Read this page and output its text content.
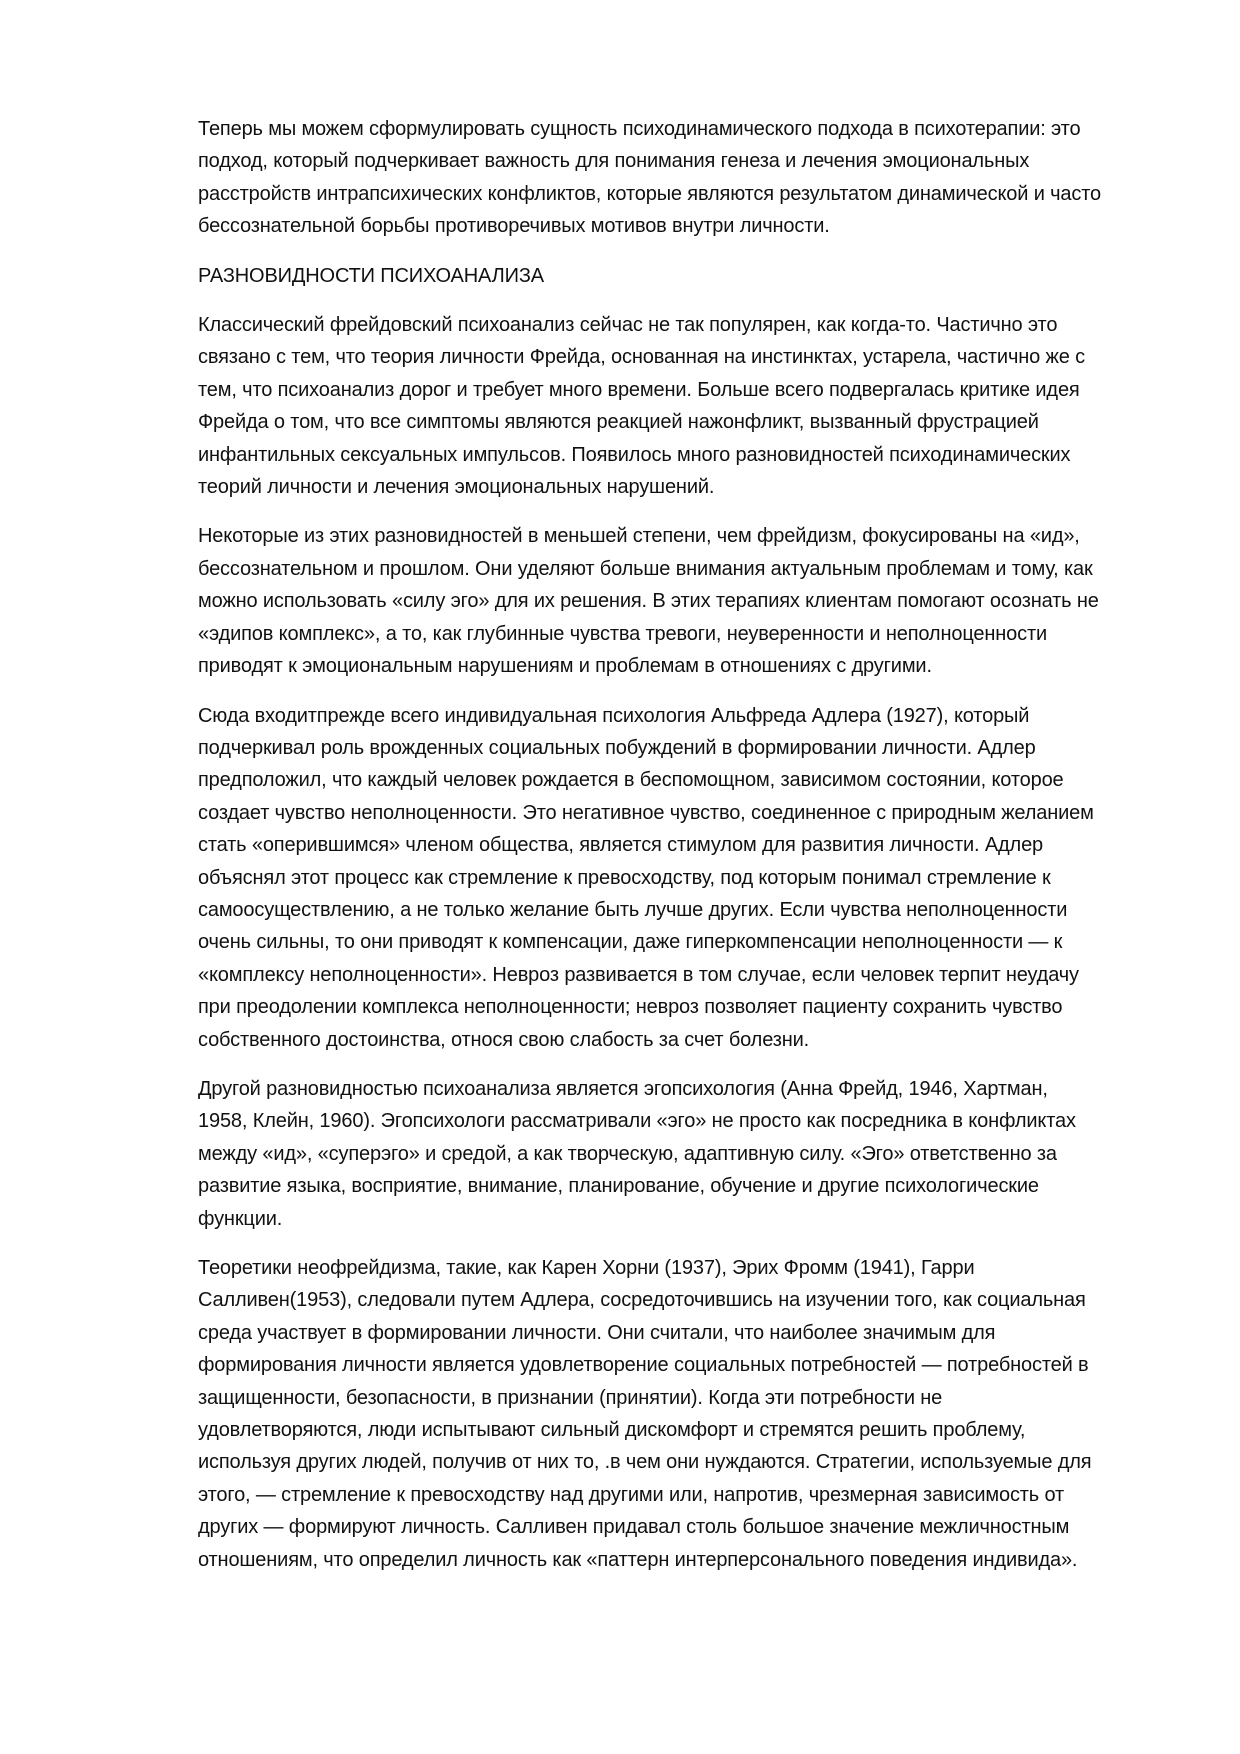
Теперь мы можем сформулировать сущность психодинамического подхода в психотерапии: это
подход, который подчеркивает важность для понимания генеза и лечения эмоциональных
расстройств интрапсихических конфликтов, которые являются результатом динамической и часто
бессознательной борьбы противоречивых мотивов внутри личности.

РАЗНОВИДНОСТИ ПСИХОАНАЛИЗА

Классический фрейдовский психоанализ сейчас не так популярен, как когда-то. Частично это
связано с тем, что теория личности Фрейда, основанная на инстинктах, устарела, частично же с
тем, что психоанализ дорог и требует много времени. Больше всего подвергалась критике идея
Фрейда о том, что все симптомы являются реакцией нажонфликт, вызванный фрустрацией
инфантильных сексуальных импульсов. Появилось много разновидностей психодинамических
теорий личности и лечения эмоциональных нарушений.

Некоторые из этих разновидностей в меньшей степени, чем фрейдизм, фокусированы на «ид»,
бессознательном и прошлом. Они уделяют больше внимания актуальным проблемам и тому, как
можно использовать «силу эго» для их решения. В этих терапиях клиентам помогают осознать не
«эдипов комплекс», а то, как глубинные чувства тревоги, неуверенности и неполноценности
приводят к эмоциональным нарушениям и проблемам в отношениях с другими.

Сюда входитпрежде всего индивидуальная психология Альфреда Адлера (1927), который
подчеркивал роль врожденных социальных побуждений в формировании личности. Адлер
предположил, что каждый человек рождается в беспомощном, зависимом состоянии, которое
создает чувство неполноценности. Это негативное чувство, соединенное с природным желанием
стать «оперившимся» членом общества, является стимулом для развития личности. Адлер
объяснял этот процесс как стремление к превосходству, под которым понимал стремление к
самоосуществлению, а не только желание быть лучше других. Если чувства неполноценности
очень сильны, то они приводят к компенсации, даже гиперкомпенсации неполноценности — к
«комплексу неполноценности». Невроз развивается в том случае, если человек терпит неудачу
при преодолении комплекса неполноценности; невроз позволяет пациенту сохранить чувство
собственного достоинства, относя свою слабость за счет болезни.

Другой разновидностью психоанализа является эгопсихология (Анна Фрейд, 1946, Хартман,
1958, Клейн, 1960). Эгопсихологи рассматривали «эго» не просто как посредника в конфликтах
между «ид», «суперэго» и средой, а как творческую, адаптивную силу. «Эго» ответственно за
развитие языка, восприятие, внимание, планирование, обучение и другие психологические
функции.

Теоретики неофрейдизма, такие, как Карен Хорни (1937), Эрих Фромм (1941), Гарри
Салливен(1953), следовали путем Адлера, сосредоточившись на изучении того, как социальная
среда участвует в формировании личности. Они считали, что наиболее значимым для
формирования личности является удовлетворение социальных потребностей — потребностей в
защищенности, безопасности, в признании (принятии). Когда эти потребности не
удовлетворяются, люди испытывают сильный дискомфорт и стремятся решить проблему,
используя других людей, получив от них то, .в чем они нуждаются. Стратегии, используемые для
этого, — стремление к превосходству над другими или, напротив, чрезмерная зависимость от
других — формируют личность. Салливен придавал столь большое значение межличностным
отношениям, что определил личность как «паттерн интерперсонального поведения индивида».
